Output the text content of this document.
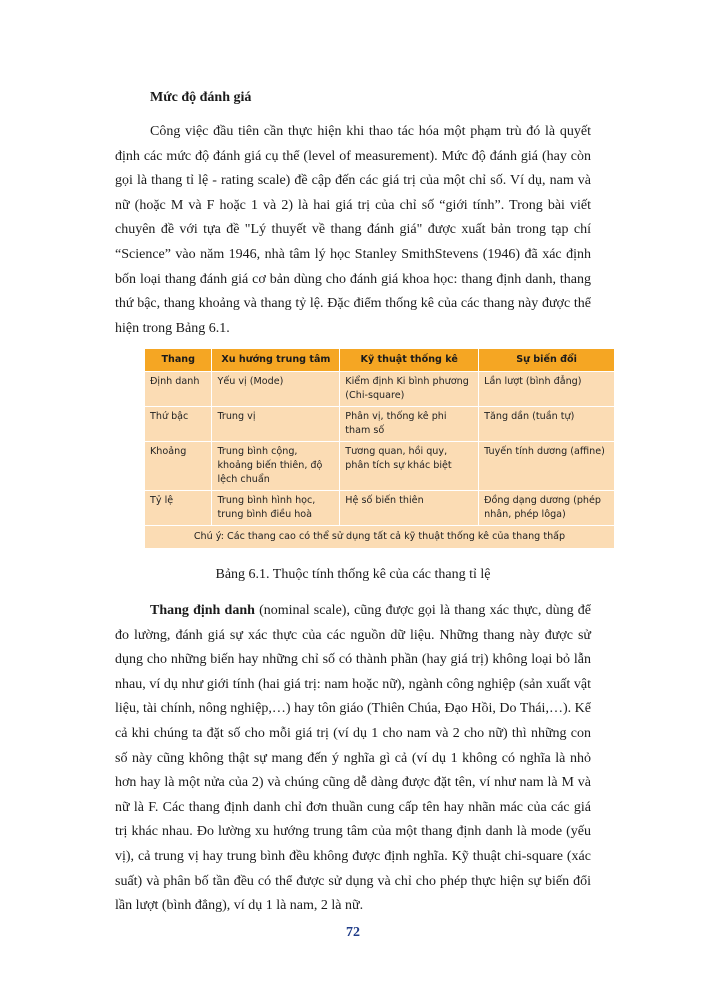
Mức độ đánh giá
Công việc đầu tiên cần thực hiện khi thao tác hóa một phạm trù đó là quyết định các mức độ đánh giá cụ thể (level of measurement). Mức độ đánh giá (hay còn gọi là thang tỉ lệ - rating scale) đề cập đến các giá trị của một chỉ số. Ví dụ, nam và nữ (hoặc M và F hoặc 1 và 2) là hai giá trị của chỉ số “giới tính”. Trong bài viết chuyên đề với tựa đề "Lý thuyết về thang đánh giá" được xuất bản trong tạp chí “Science” vào năm 1946, nhà tâm lý học Stanley SmithStevens (1946) đã xác định bốn loại thang đánh giá cơ bản dùng cho đánh giá khoa học: thang định danh, thang thứ bậc, thang khoảng và thang tỷ lệ. Đặc điểm thống kê của các thang này được thể hiện trong Bảng 6.1.
Thang	Xu hướng trung tâm	Kỹ thuật thống kê	Sự biến đổi
Định danh	Yếu vị (Mode)	Kiểm định Ki bình phương (Chi-square)	Lần lượt (bình đẳng)
Thứ bậc	Trung vị	Phân vị, thống kê phi tham số	Tăng dần (tuần tự)
Khoảng	Trung bình cộng, khoảng biến thiên, độ lệch chuẩn	Tương quan, hồi quy, phân tích sự khác biệt	Tuyến tính dương (affine)
Tỷ lệ	Trung bình hình học, trung bình điều hoà	Hệ số biến thiên	Đồng dạng dương (phép nhân, phép lôga)
Chú ý: Các thang cao có thể sử dụng tất cả kỹ thuật thống kê của thang thấp			
Bảng 6.1. Thuộc tính thống kê của các thang tỉ lệ
Thang định danh (nominal scale), cũng được gọi là thang xác thực, dùng để đo lường, đánh giá sự xác thực của các nguồn dữ liệu. Những thang này được sử dụng cho những biến hay những chỉ số có thành phần (hay giá trị) không loại bỏ lẫn nhau, ví dụ như giới tính (hai giá trị: nam hoặc nữ), ngành công nghiệp (sản xuất vật liệu, tài chính, nông nghiệp,…) hay tôn giáo (Thiên Chúa, Đạo Hồi, Do Thái,…). Kể cả khi chúng ta đặt số cho mỗi giá trị (ví dụ 1 cho nam và 2 cho nữ) thì những con số này cũng không thật sự mang đến ý nghĩa gì cả (ví dụ 1 không có nghĩa là nhỏ hơn hay là một nửa của 2) và chúng cũng dễ dàng được đặt tên, ví như nam là M và nữ là F. Các thang định danh chỉ đơn thuần cung cấp tên hay nhãn mác của các giá trị khác nhau. Đo lường xu hướng trung tâm của một thang định danh là mode (yếu vị), cả trung vị hay trung bình đều không được định nghĩa. Kỹ thuật chi-square (xác suất) và phân bố tần đều có thể được sử dụng và chỉ cho phép thực hiện sự biến đổi lần lượt (bình đẳng), ví dụ 1 là nam, 2 là nữ.
72
